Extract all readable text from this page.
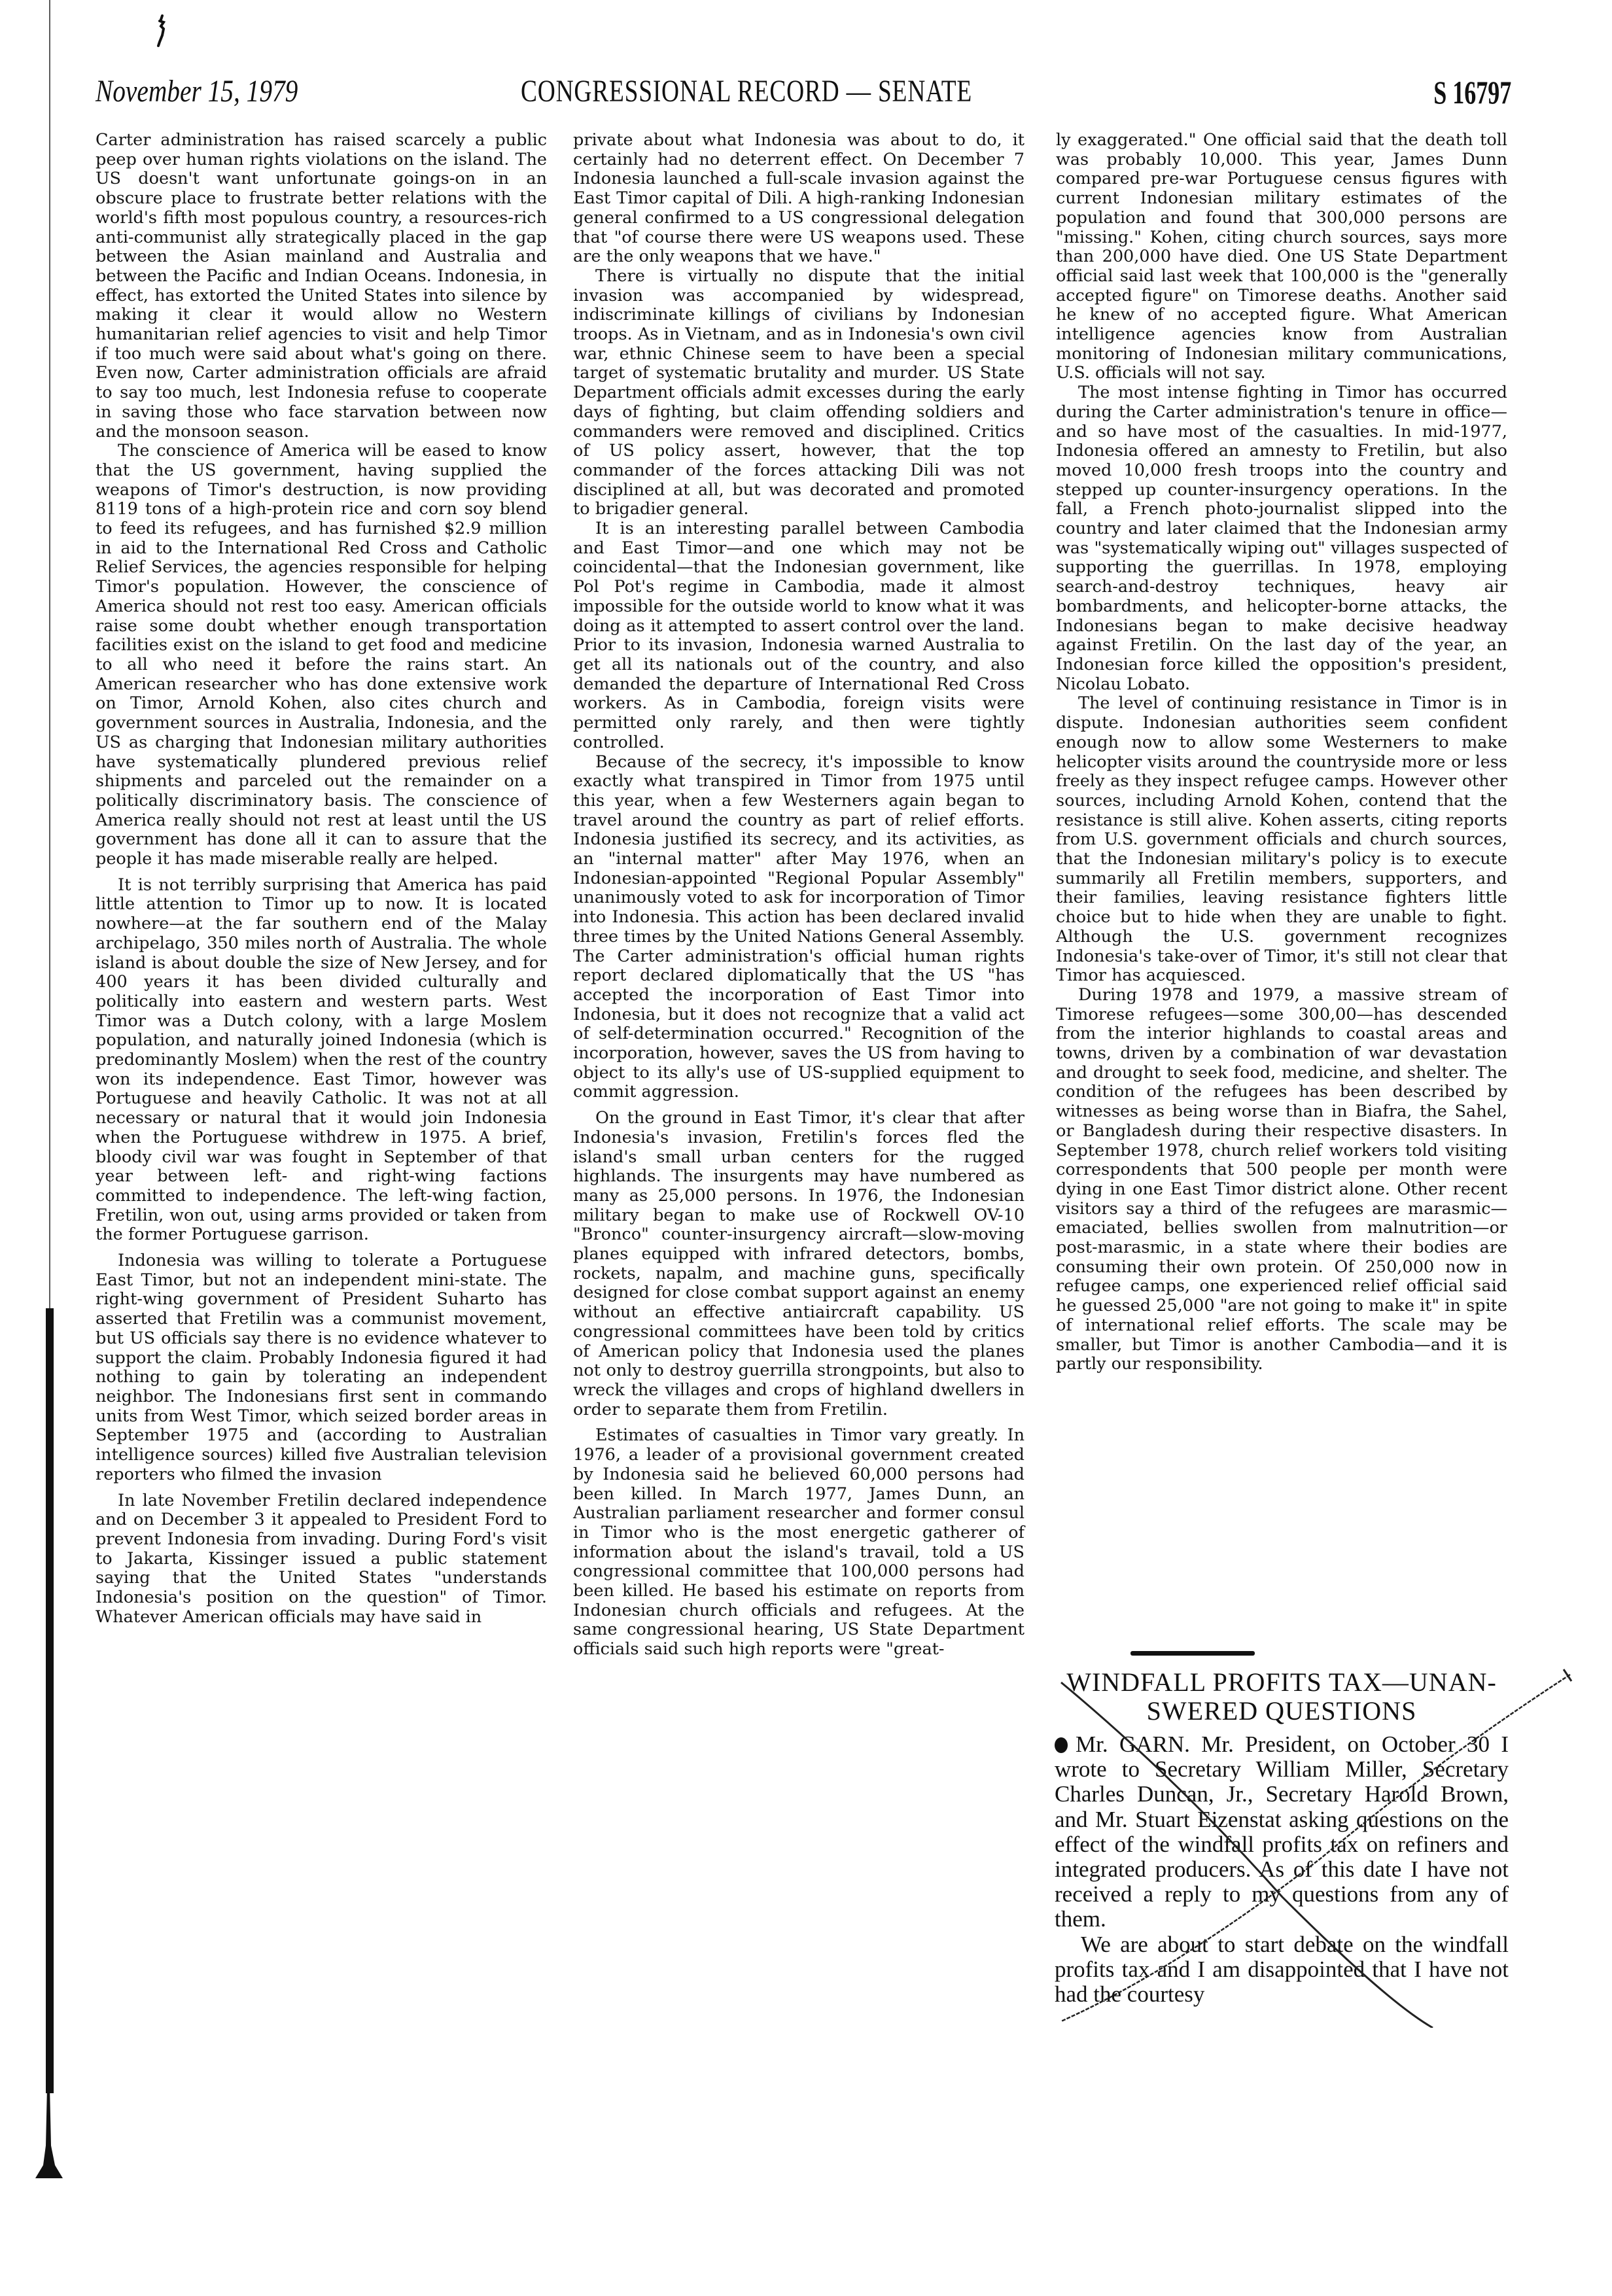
November 15, 1979	CONGRESSIONAL RECORD — SENATE	S 16797

Carter administration has raised scarcely a public peep over human rights violations on the island. The US doesn't want unfortunate goings-on in an obscure place to frustrate better relations with the world's fifth most populous country, a resources-rich anti-communist ally strategically placed in the gap between the Asian mainland and Australia and between the Pacific and Indian Oceans. Indonesia, in effect, has extorted the United States into silence by making it clear it would allow no Western humanitarian relief agencies to visit and help Timor if too much were said about what's going on there. Even now, Carter administration officials are afraid to say too much, lest Indonesia refuse to cooperate in saving those who face starvation between now and the monsoon season.

The conscience of America will be eased to know that the US government, having supplied the weapons of Timor's destruction, is now providing 8119 tons of a high-protein rice and corn soy blend to feed its refugees, and has furnished $2.9 million in aid to the International Red Cross and Catholic Relief Services, the agencies responsible for helping Timor's population. However, the conscience of America should not rest too easy. American officials raise some doubt whether enough transportation facilities exist on the island to get food and medicine to all who need it before the rains start. An American researcher who has done extensive work on Timor, Arnold Kohen, also cites church and government sources in Australia, Indonesia, and the US as charging that Indonesian military authorities have systematically plundered previous relief shipments and parceled out the remainder on a politically discriminatory basis. The conscience of America really should not rest at least until the US government has done all it can to assure that the people it has made miserable really are helped.

It is not terribly surprising that America has paid little attention to Timor up to now. It is located nowhere—at the far southern end of the Malay archipelago, 350 miles north of Australia. The whole island is about double the size of New Jersey, and for 400 years it has been divided culturally and politically into eastern and western parts. West Timor was a Dutch colony, with a large Moslem population, and naturally joined Indonesia (which is predominantly Moslem) when the rest of the country won its independence. East Timor, however was Portuguese and heavily Catholic. It was not at all necessary or natural that it would join Indonesia when the Portuguese withdrew in 1975. A brief, bloody civil war was fought in September of that year between left- and right-wing factions committed to independence. The left-wing faction, Fretilin, won out, using arms provided or taken from the former Portuguese garrison.

Indonesia was willing to tolerate a Portuguese East Timor, but not an independent mini-state. The right-wing government of President Suharto has asserted that Fretilin was a communist movement, but US officials say there is no evidence whatever to support the claim. Probably Indonesia figured it had nothing to gain by tolerating an independent neighbor. The Indonesians first sent in commando units from West Timor, which seized border areas in September 1975 and (according to Australian intelligence sources) killed five Australian television reporters who filmed the invasion

In late November Fretilin declared independence and on December 3 it appealed to President Ford to prevent Indonesia from invading. During Ford's visit to Jakarta, Kissinger issued a public statement saying that the United States "understands Indonesia's position on the question" of Timor. Whatever American officials may have said in

private about what Indonesia was about to do, it certainly had no deterrent effect. On December 7 Indonesia launched a full-scale invasion against the East Timor capital of Dili. A high-ranking Indonesian general confirmed to a US congressional delegation that "of course there were US weapons used. These are the only weapons that we have."

There is virtually no dispute that the initial invasion was accompanied by widespread, indiscriminate killings of civilians by Indonesian troops. As in Vietnam, and as in Indonesia's own civil war, ethnic Chinese seem to have been a special target of systematic brutality and murder. US State Department officials admit excesses during the early days of fighting, but claim offending soldiers and commanders were removed and disciplined. Critics of US policy assert, however, that the top commander of the forces attacking Dili was not disciplined at all, but was decorated and promoted to brigadier general.

It is an interesting parallel between Cambodia and East Timor—and one which may not be coincidental—that the Indonesian government, like Pol Pot's regime in Cambodia, made it almost impossible for the outside world to know what it was doing as it attempted to assert control over the land. Prior to its invasion, Indonesia warned Australia to get all its nationals out of the country, and also demanded the departure of International Red Cross workers. As in Cambodia, foreign visits were permitted only rarely, and then were tightly controlled.

Because of the secrecy, it's impossible to know exactly what transpired in Timor from 1975 until this year, when a few Westerners again began to travel around the country as part of relief efforts. Indonesia justified its secrecy, and its activities, as an "internal matter" after May 1976, when an Indonesian-appointed "Regional Popular Assembly" unanimously voted to ask for incorporation of Timor into Indonesia. This action has been declared invalid three times by the United Nations General Assembly. The Carter administration's official human rights report declared diplomatically that the US "has accepted the incorporation of East Timor into Indonesia, but it does not recognize that a valid act of self-determination occurred." Recognition of the incorporation, however, saves the US from having to object to its ally's use of US-supplied equipment to commit aggression.

On the ground in East Timor, it's clear that after Indonesia's invasion, Fretilin's forces fled the island's small urban centers for the rugged highlands. The insurgents may have numbered as many as 25,000 persons. In 1976, the Indonesian military began to make use of Rockwell OV-10 "Bronco" counter-insurgency aircraft—slow-moving planes equipped with infrared detectors, bombs, rockets, napalm, and machine guns, specifically designed for close combat support against an enemy without an effective antiaircraft capability. US congressional committees have been told by critics of American policy that Indonesia used the planes not only to destroy guerrilla strongpoints, but also to wreck the villages and crops of highland dwellers in order to separate them from Fretilin.

Estimates of casualties in Timor vary greatly. In 1976, a leader of a provisional government created by Indonesia said he believed 60,000 persons had been killed. In March 1977, James Dunn, an Australian parliament researcher and former consul in Timor who is the most energetic gatherer of information about the island's travail, told a US congressional committee that 100,000 persons had been killed. He based his estimate on reports from Indonesian church officials and refugees. At the same congressional hearing, US State Department officials said such high reports were "great-

ly exaggerated." One official said that the death toll was probably 10,000. This year, James Dunn compared pre-war Portuguese census figures with current Indonesian military estimates of the population and found that 300,000 persons are "missing." Kohen, citing church sources, says more than 200,000 have died. One US State Department official said last week that 100,000 is the "generally accepted figure" on Timorese deaths. Another said he knew of no accepted figure. What American intelligence agencies know from Australian monitoring of Indonesian military communications, U.S. officials will not say.

The most intense fighting in Timor has occurred during the Carter administration's tenure in office—and so have most of the casualties. In mid-1977, Indonesia offered an amnesty to Fretilin, but also moved 10,000 fresh troops into the country and stepped up counter-insurgency operations. In the fall, a French photo-journalist slipped into the country and later claimed that the Indonesian army was "systematically wiping out" villages suspected of supporting the guerrillas. In 1978, employing search-and-destroy techniques, heavy air bombardments, and helicopter-borne attacks, the Indonesians began to make decisive headway against Fretilin. On the last day of the year, an Indonesian force killed the opposition's president, Nicolau Lobato.

The level of continuing resistance in Timor is in dispute. Indonesian authorities seem confident enough now to allow some Westerners to make helicopter visits around the countryside more or less freely as they inspect refugee camps. However other sources, including Arnold Kohen, contend that the resistance is still alive. Kohen asserts, citing reports from U.S. government officials and church sources, that the Indonesian military's policy is to execute summarily all Fretilin members, supporters, and their families, leaving resistance fighters little choice but to hide when they are unable to fight. Although the U.S. government recognizes Indonesia's take-over of Timor, it's still not clear that Timor has acquiesced.

During 1978 and 1979, a massive stream of Timorese refugees—some 300,00—has descended from the interior highlands to coastal areas and towns, driven by a combination of war devastation and drought to seek food, medicine, and shelter. The condition of the refugees has been described by witnesses as being worse than in Biafra, the Sahel, or Bangladesh during their respective disasters. In September 1978, church relief workers told visiting correspondents that 500 people per month were dying in one East Timor district alone. Other recent visitors say a third of the refugees are marasmic—emaciated, bellies swollen from malnutrition—or post-marasmic, in a state where their bodies are consuming their own protein. Of 250,000 now in refugee camps, one experienced relief official said he guessed 25,000 "are not going to make it" in spite of international relief efforts. The scale may be smaller, but Timor is another Cambodia—and it is partly our responsibility.

WINDFALL PROFITS TAX—UNAN-
SWERED QUESTIONS

Mr. GARN. Mr. President, on October 30 I wrote to Secretary William Miller, Secretary Charles Duncan, Jr., Secretary Harold Brown, and Mr. Stuart Eizenstat asking questions on the effect of the windfall profits tax on refiners and integrated producers. As of this date I have not received a reply to my questions from any of them.

We are about to start debate on the windfall profits tax and I am disappointed that I have not had the courtesy
